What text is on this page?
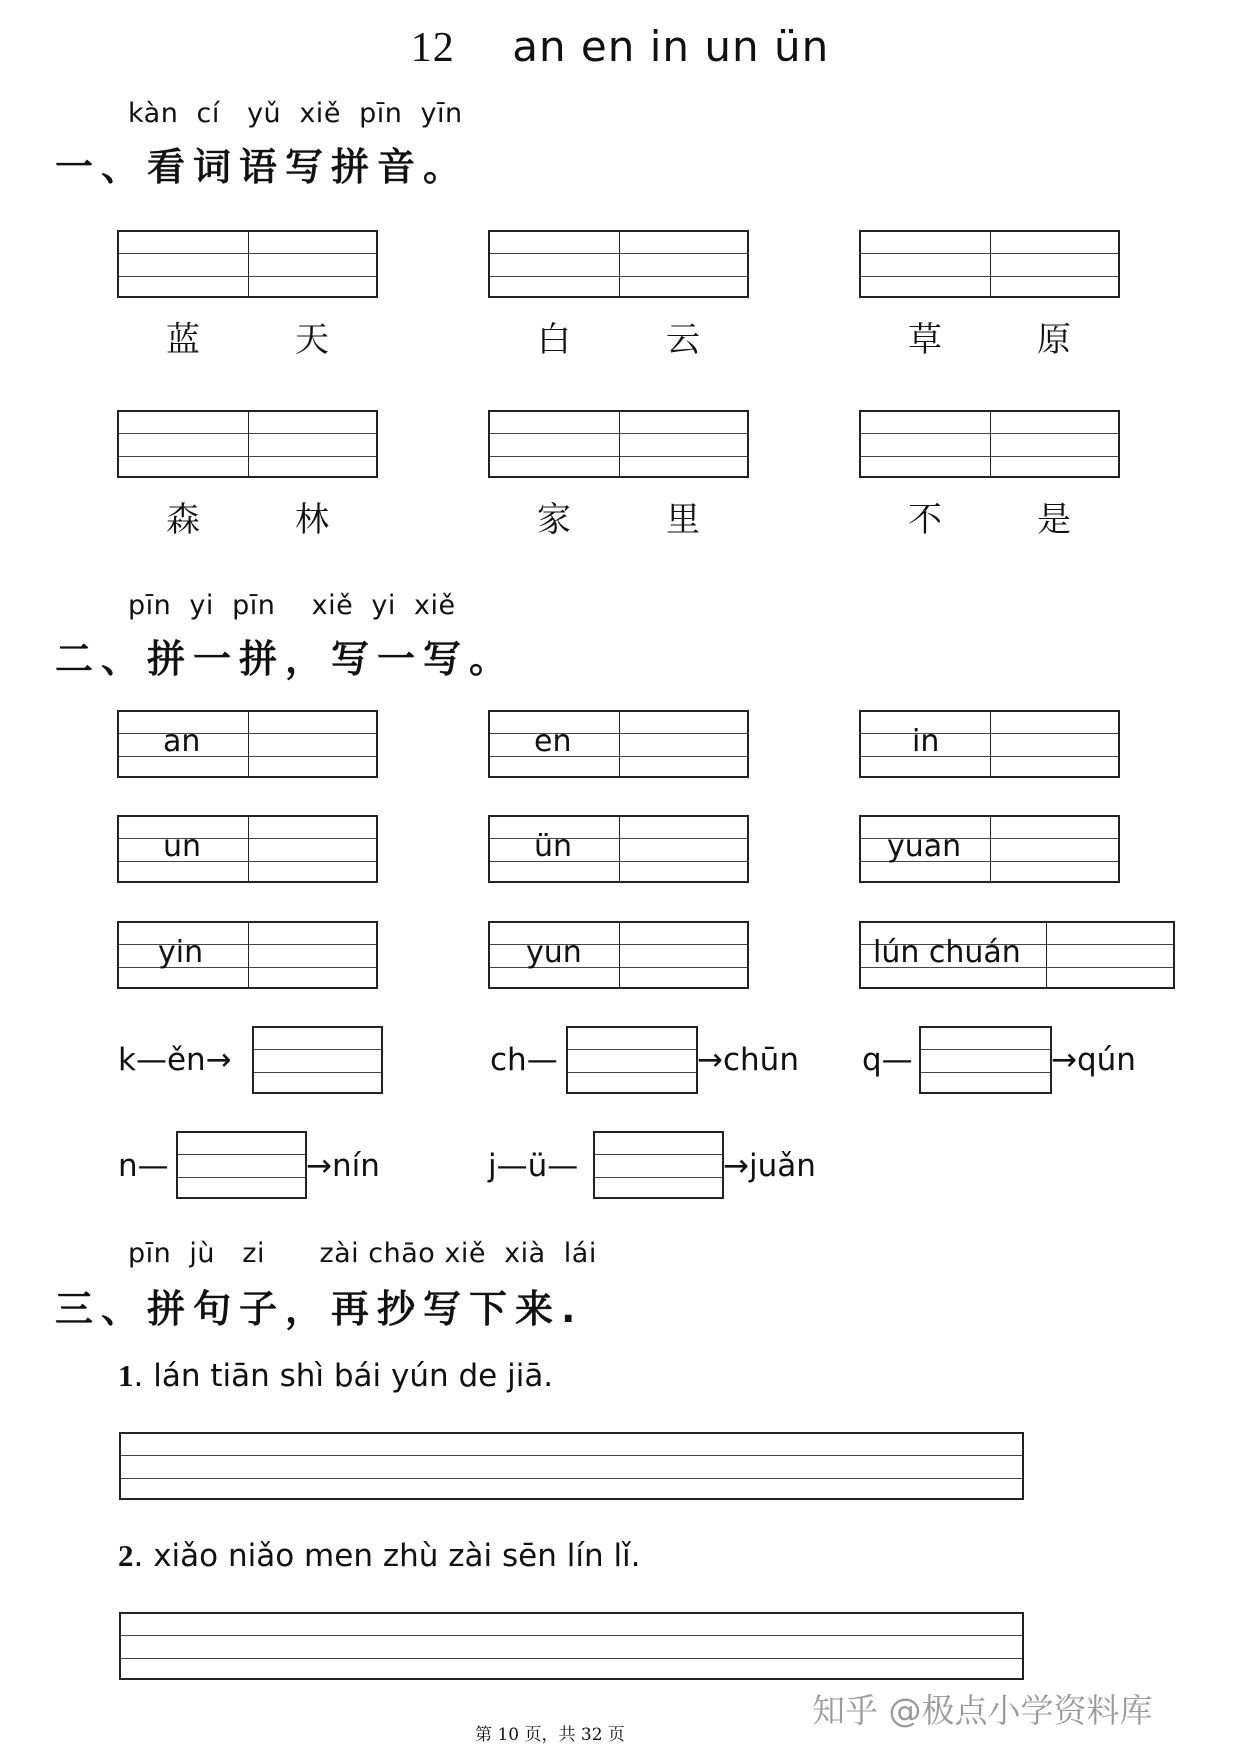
12 an en in un ün
kàn  cí   yǔ  xiě  pīn  yīn
一、看词语写拼音。
蓝	天	白	云	草	原
森	林	家	里	不	是
pīn  yi  pīn    xiě  yi  xiě
二、拼一拼，写一写。
an	en	in
un	ün	yuan
yin	yun	lún chuán
k—ěn→	ch—	→chūn q—	→qún
n—	→nín	j—ü—	→juǎn
pīn  jù   zi      zài chāo xiě  xià  lái
三、拼句子，再抄写下来.
1. lán tiān shì bái yún de jiā.
2. xiǎo niǎo men zhù zài sēn lín lǐ.
知乎 @极点小学资料库
第 10 页，共 32 页
